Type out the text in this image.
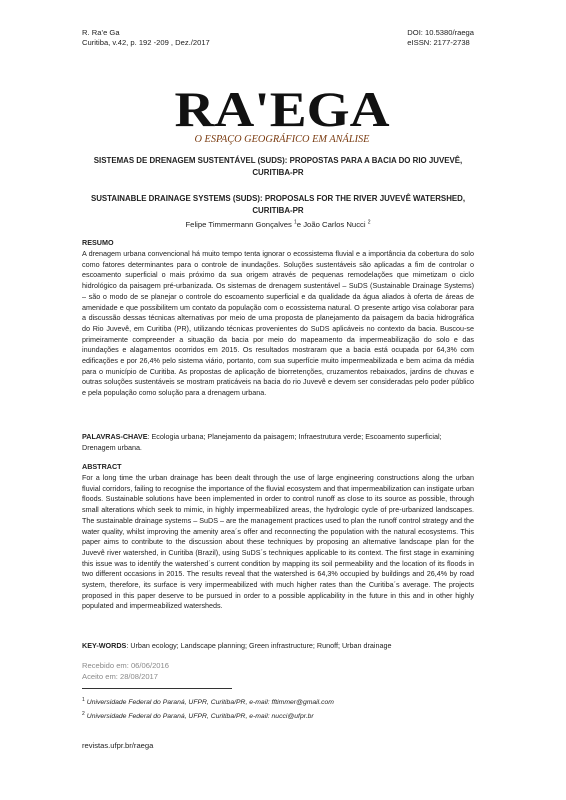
R. Ra’e Ga
Curitiba, v.42, p. 192 -209 , Dez./2017
DOI: 10.5380/raega
eISSN: 2177-2738
RA'EGA
O ESPAÇO GEOGRÁFICO EM ANÁLISE
SISTEMAS DE DRENAGEM SUSTENTÁVEL (SUDS): PROPOSTAS PARA A BACIA DO RIO JUVEVÊ, CURITIBA-PR
SUSTAINABLE DRAINAGE SYSTEMS (SUDS): PROPOSALS FOR THE RIVER JUVEVÊ WATERSHED, CURITIBA-PR
Felipe Timmermann Gonçalves $^1$e João Carlos Nucci $^2$
RESUMO
A drenagem urbana convencional há muito tempo tenta ignorar o ecossistema fluvial e a importância da cobertura do solo como fatores determinantes para o controle de inundações. Soluções sustentáveis são aplicadas a fim de controlar o escoamento superficial o mais próximo da sua origem através de pequenas remodelações que mimetizam o ciclo hidrológico da paisagem pré-urbanizada. Os sistemas de drenagem sustentável – SuDS (Sustainable Drainage Systems) – são o modo de se planejar o controle do escoamento superficial e da qualidade da água aliados à oferta de áreas de amenidade e que possibilitem um contato da população com o ecossistema natural. O presente artigo visa colaborar para a discussão dessas técnicas alternativas por meio de uma proposta de planejamento da paisagem da bacia hidrográfica do Rio Juvevê, em Curitiba (PR), utilizando técnicas provenientes do SuDS aplicáveis no contexto da bacia. Buscou-se primeiramente compreender a situação da bacia por meio do mapeamento da impermeabilização do solo e das inundações e alagamentos ocorridos em 2015. Os resultados mostraram que a bacia está ocupada por 64,3% com edificações e por 26,4% pelo sistema viário, portanto, com sua superfície muito impermeabilizada e bem acima da média para o município de Curitiba. As propostas de aplicação de biorretenções, cruzamentos rebaixados, jardins de chuvas e outras soluções sustentáveis se mostram praticáveis na bacia do rio Juvevê e devem ser consideradas pelo poder público e pela população como solução para a drenagem urbana.
PALAVRAS-CHAVE: Ecologia urbana; Planejamento da paisagem; Infraestrutura verde; Escoamento superficial; Drenagem urbana.
ABSTRACT
For a long time the urban drainage has been dealt through the use of large engineering constructions along the urban fluvial corridors, failing to recognise the importance of the fluvial ecosystem and that impermeabilization can instigate urban floods. Sustainable solutions have been implemented in order to control runoff as close to its source as possible, through small alterations which seek to mimic, in highly impermeabilized areas, the hydrologic cycle of pre-urbanized landscapes. The sustainable drainage systems – SuDS – are the management practices used to plan the runoff control strategy and the water quality, whilst improving the amenity area´s offer and reconnecting the population with the natural ecosystems. This paper aims to contribute to the discussion about these techniques by proposing an alternative landscape plan for the Juvevê river watershed, in Curitiba (Brazil), using SuDS´s techniques applicable to its context. The first stage in examining this issue was to identify the watershed´s current condition by mapping its soil permeability and the location of its floods in two different occasions in 2015. The results reveal that the watershed is 64,3% occupied by buildings and 26,4% by road system, therefore, its surface is very impermeabilized with much higher rates than the Curitiba´s average. The projects proposed in this paper deserve to be pursued in order to a possible applicability in the future in this and in other highly populated and impermeabilized watersheds.
KEY-WORDS: Urban ecology; Landscape planning; Green infrastructure; Runoff; Urban drainage
Recebido em: 06/06/2016
Aceito em: 28/08/2017
$^1$ Universidade Federal do Paraná, UFPR, Curitiba/PR, e-mail: fftimmer@gmail.com
$^2$ Universidade Federal do Paraná, UFPR, Curitiba/PR, e-mail: nucci@ufpr.br
revistas.ufpr.br/raega
